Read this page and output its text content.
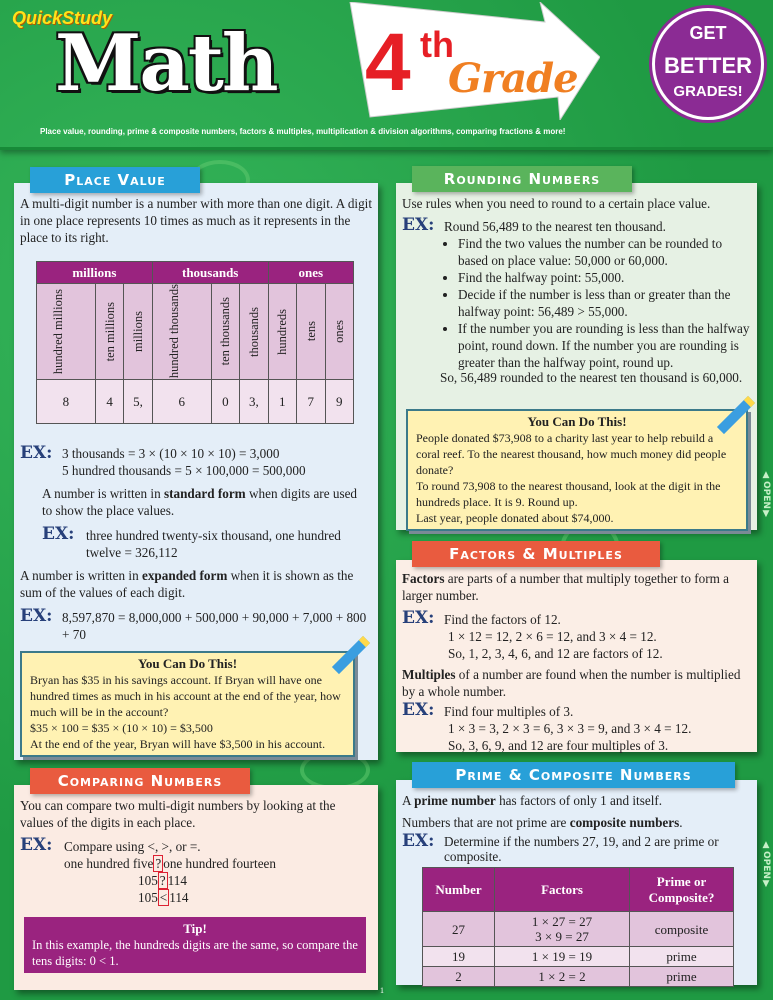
QuickStudy
Math 4 th
Grade
GET
BETTER
GRADES!
Place value, rounding, prime & composite numbers, factors & multiples, multiplication & division algorithms, comparing fractions & more!
A multi-digit number is a number with more than one digit. A digit in one place represents 10 times as much as it represents in the place to its right.
millions			thousands			ones		

hundred millions	ten millions	millions	hundred thousands	ten thousands	thousands	hundreds	tens	ones

8	4	5,	6	0	3,	1	7	9
EX: 3 thousands = 3 × (10 × 10 × 10) = 3,000
5 hundred thousands = 5 × 100,000 = 500,000
A number is written in standard form when digits are used to show the place values.
EX: three hundred twenty-six thousand, one hundred twelve = 326,112
A number is written in expanded form when it is shown as the sum of the values of each digit.
EX: 8,597,870 = 8,000,000 + 500,000 + 90,000 + 7,000 + 800 + 70
You Can Do This!
Bryan has $35 in his savings account. If Bryan will have one hundred times as much in his account at the end of the year, how much will be in the account?
$35 × 100 = $35 × (10 × 10) = $3,500
At the end of the year, Bryan will have $3,500 in his account.
Place Value
Use rules when you need to round to a certain place value.
EX: Round 56,489 to the nearest ten thousand.
• Find the two values the number can be rounded to based on place value: 50,000 or 60,000.
• Find the halfway point: 55,000.
• Decide if the number is less than or greater than the halfway point: 56,489 > 55,000.
• If the number you are rounding is less than the halfway point, round down. If the number you are rounding is greater than the halfway point, round up.
So, 56,489 rounded to the nearest ten thousand is 60,000.
You Can Do This!
People donated $73,908 to a charity last year to help rebuild a coral reef. To the nearest thousand, how much money did people donate?
To round 73,908 to the nearest thousand, look at the digit in the hundreds place. It is 9. Round up.
Last year, people donated about $74,000.
Rounding Numbers
Factors are parts of a number that multiply together to form a larger number.
EX: Find the factors of 12.
1 × 12 = 12, 2 × 6 = 12, and 3 × 4 = 12.
So, 1, 2, 3, 4, 6, and 12 are factors of 12.
Multiples of a number are found when the number is multiplied by a whole number.
EX: Find four multiples of 3.
1 × 3 = 3, 2 × 3 = 6, 3 × 3 = 9, and 3 × 4 = 12.
So, 3, 6, 9, and 12 are four multiples of 3.
Factors & Multiples
You can compare two multi-digit numbers by looking at the values of the digits in each place.
EX: Compare using <, >, or =.
one hundred five ? one hundred fourteen
105 ? 114
105 < 114
Tip!
In this example, the hundreds digits are the same, so compare the tens digits: 0 < 1.
Comparing Numbers
1
A prime number has factors of only 1 and itself.
Numbers that are not prime are composite numbers.
EX: Determine if the numbers 27, 19, and 2 are prime or composite.
Number	Factors	Prime or Composite?
27	1 × 27 = 27
3 × 9 = 27	composite
19	1 × 19 = 19	prime
2	1 × 2 = 2	prime
Prime & Composite Numbers
▲
OPEN
▼
▲
OPEN
▼
